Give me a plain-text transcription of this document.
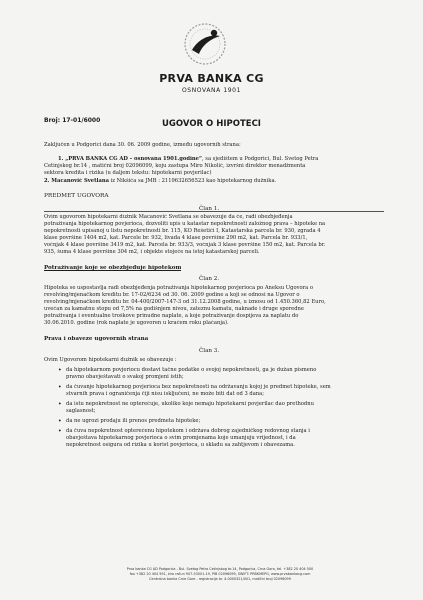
PRVA BANKA CG
OSNOVANA 1901
Broj: 17-01/6000	UGOVOR O HIPOTECI
Zaključen u Podgorici dana 30. 06. 2009 godine, između ugovornih strana:
1. „PRVA BANKA CG AD – osnovana 1901.godine“, sa sjedištem u Podgorici, Bul. Svetog Petra
Cetinjskog br.14 , matični broj 02096099, koju zastupa Miro Nikolić, izvršni direktor menadžmenta
sektora kredita i rizika (u daljem tekstu: hipotekarni povjerilac)
2. Macanović Svetlana iz Nikšića sa JMB : 2119632656523 kao hipotekarnog dužnika.
PREDMET UGOVORA
Član 1.
Ovim ugovorom hipotekarni dužnik Macanović Svetlana se obavezuje da će, radi obezbjeđenja
potraživanja hipotekarnog povjerioca, dozvoliti upis u katastar nepokretnosti založnog prava – hipoteke na
nepokretnosti upisanoj u listu nepokretnosti br. 115, KO Rešetići I, Katastarska parcela br. 930, zgrada 4
klase površine 1404 m2, kat. Parcele br. 932, livada 4 klase površine 290 m2, kat. Parcela br. 933/1,
voćnjak 4 klase površine 3419 m2, kat. Parcela br. 933/3, voćnjak 3 klase površine 150 m2, kat. Parcela br.
935, šuma 4 klase površine 304 m2, i objekte stojeće na istoj katastarskoj parceli.
Potraživanje koje se obezbjeđuje hipotekom
Član 2.
Hipoteka se uspostavlja radi obezbjeđenja potraživanja hipotekarnog povjerioca po Aneksu Ugovora o
revolving/mjenačkom kreditu br. 17-02/6234 od 30. 06. 2009 godine a koji se odnosi na Ugovor o
revolving/mjenačkom kreditu br. 04-400/2007-147-3 od 31.12.2008 godine, u iznosu od 1.450.360,82 Euro,
uvećan za kamatnu stopu od 7,5% na godišnjem nivou, zateznu kamatu, naknade i druge sporedne
potraživanja i eventualne troškove prinudne naplate, a koje potraživanje dospijeva za naplatu do
30.06.2010. godine (rok naplate je ugovoren u kraćem roku plaćanja).
Prava i obaveze ugovornih strana
Član 3.
Ovim Ugovorom hipotekarni dužnik se obavezuje :
• da hipotekarnom povjeriocu dostavi tačne podatke o svojoj nepokretnosti, ga je dužan pismeno
pravno obavještavati o svakoj promjeni istih;
• da čuvanje hipotekarnog povjerioca bez nepokretnosti na održavanju kojoj je predmet hipoteke, sem
stvarnih prava i ograničenja čiji nisu isključeni, ne može biti dat od 3 dana;
• da istu nepokretnost ne opterećuje, ukoliko koje nemaju hipotekarni povjerilac dao prethodnu
saglasnost;
• da ne ugrozi prodaju ili prenos predmeta hipoteke;
• da čuva nepokretnost opterećenu hipotekom i održava dobrog zajedničkog redovnog stanja i
obavještava hipotekarnog povjerioca o svim promjenama koje umanjuju vrijednost, i da
nepokretnost osigura od rizika u korist povjerioca, u skladu sa zahtjevom i obavezama.
Prva banka CG AD Podgorica - Bul. Svetog Petra Cetinjskog br.14, Podgorica, Crna Gora, tel. +382 20 404 500
fax +382 20 404 591, žiro račun 907-53001-19, PIB 02096099, SWIFT: PRBKMEPG, www.prvabankacg.com
Centralna banka Crne Gore - registracija br. 4-0000321/001, matični broj 02096099
